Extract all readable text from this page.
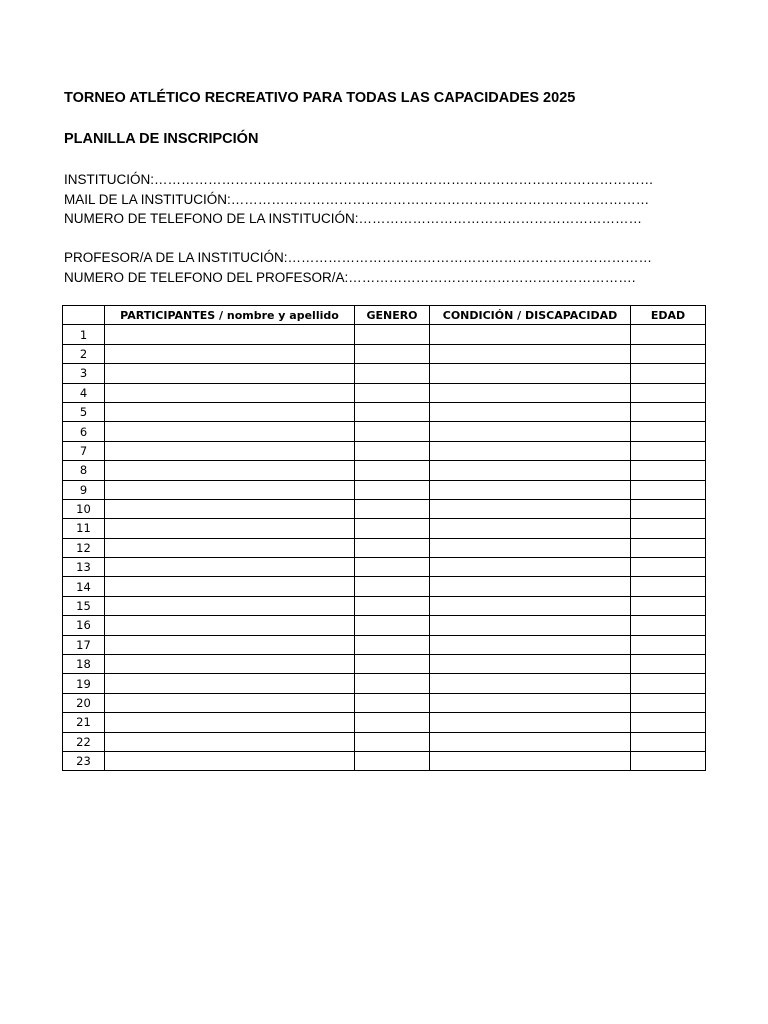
TORNEO ATLÉTICO RECREATIVO PARA TODAS LAS CAPACIDADES 2025
PLANILLA DE INSCRIPCIÓN
INSTITUCIÓN:…………………………………………………………………………………………………
MAIL DE LA INSTITUCIÓN:…………………………………………………………………………………
NUMERO DE TELEFONO DE LA INSTITUCIÓN:………………………………………………………
PROFESOR/A DE LA INSTITUCIÓN:………………………………………………………………………
NUMERO DE TELEFONO DEL PROFESOR/A:……………………………………………………….
	PARTICIPANTES / nombre y apellido	GENERO	CONDICIÓN / DISCAPACIDAD	EDAD
1				
2				
3				
4				
5				
6				
7				
8				
9				
10				
11				
12				
13				
14				
15				
16				
17				
18				
19				
20				
21				
22				
23				
